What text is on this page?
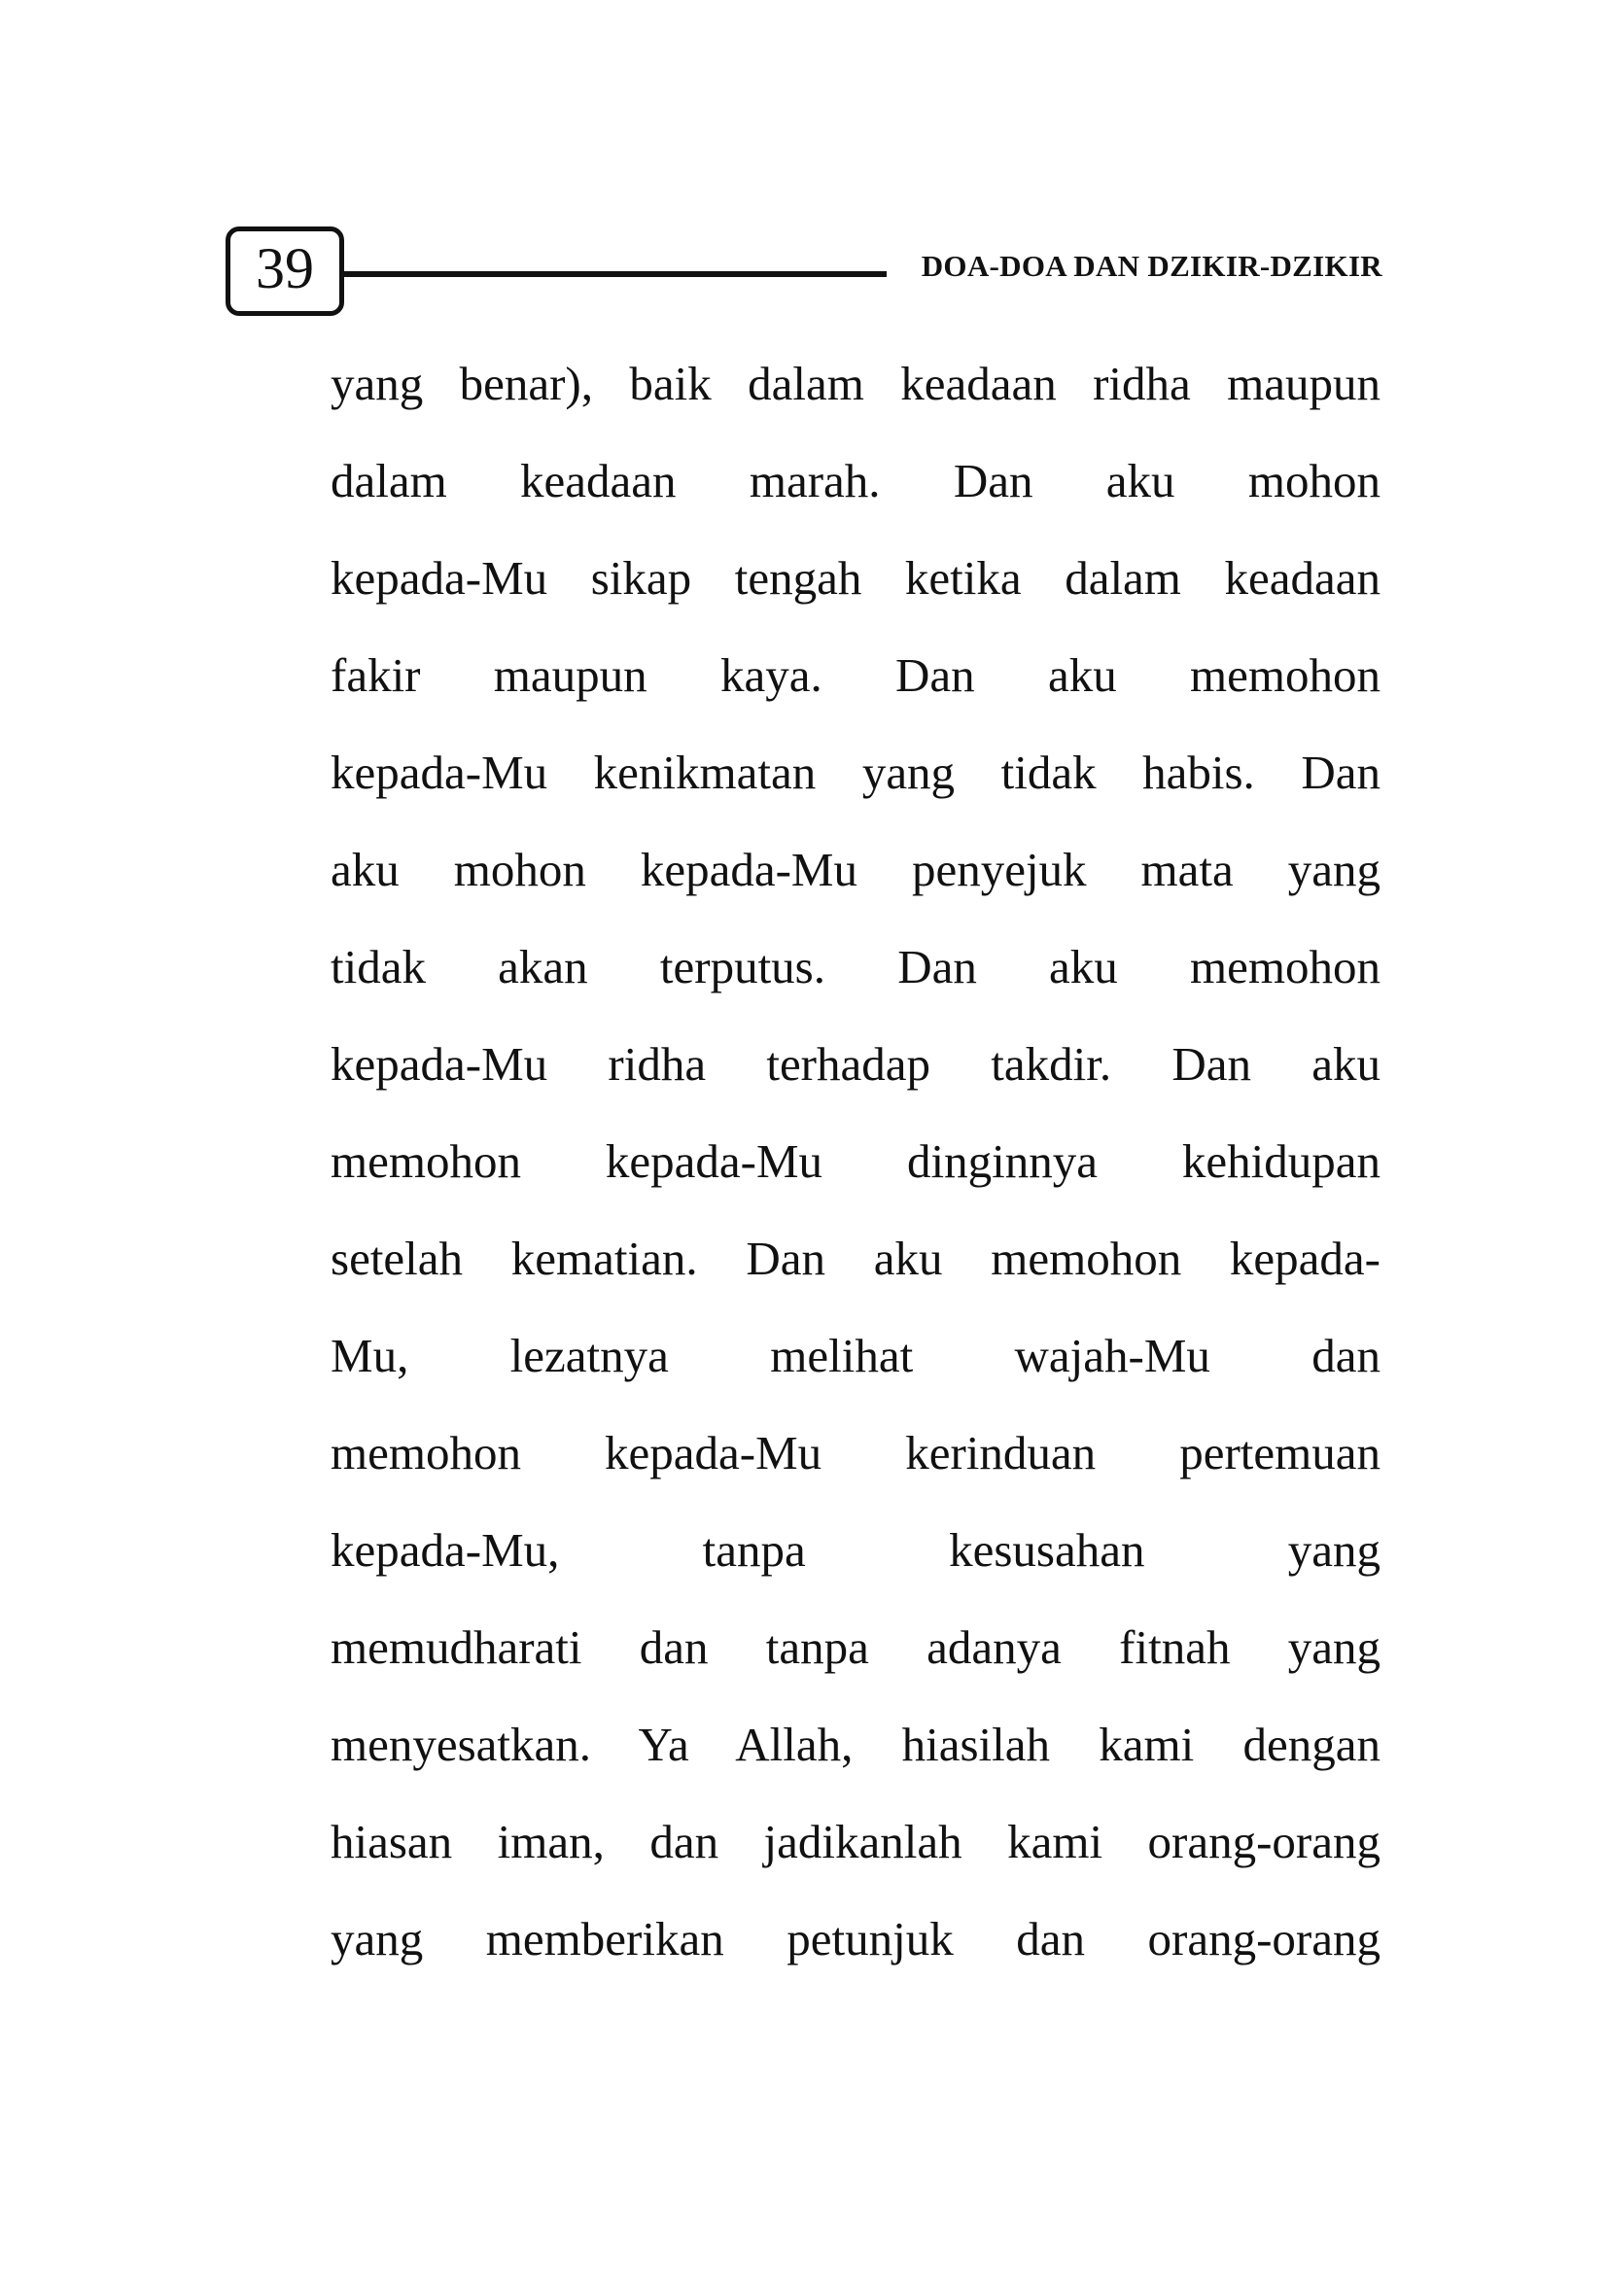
39	DOA-DOA DAN DZIKIR-DZIKIR
yang benar), baik dalam keadaan ridha maupun
dalam keadaan marah. Dan aku mohon
kepada-Mu sikap tengah ketika dalam keadaan
fakir maupun kaya. Dan aku memohon
kepada-Mu kenikmatan yang tidak habis. Dan
aku mohon kepada-Mu penyejuk mata yang
tidak akan terputus. Dan aku memohon
kepada-Mu ridha terhadap takdir. Dan aku
memohon kepada-Mu dinginnya kehidupan
setelah kematian. Dan aku memohon kepada-
Mu, lezatnya melihat wajah-Mu dan
memohon kepada-Mu kerinduan pertemuan
kepada-Mu, tanpa kesusahan yang
memudharati dan tanpa adanya fitnah yang
menyesatkan. Ya Allah, hiasilah kami dengan
hiasan iman, dan jadikanlah kami orang-orang
yang memberikan petunjuk dan orang-orang
